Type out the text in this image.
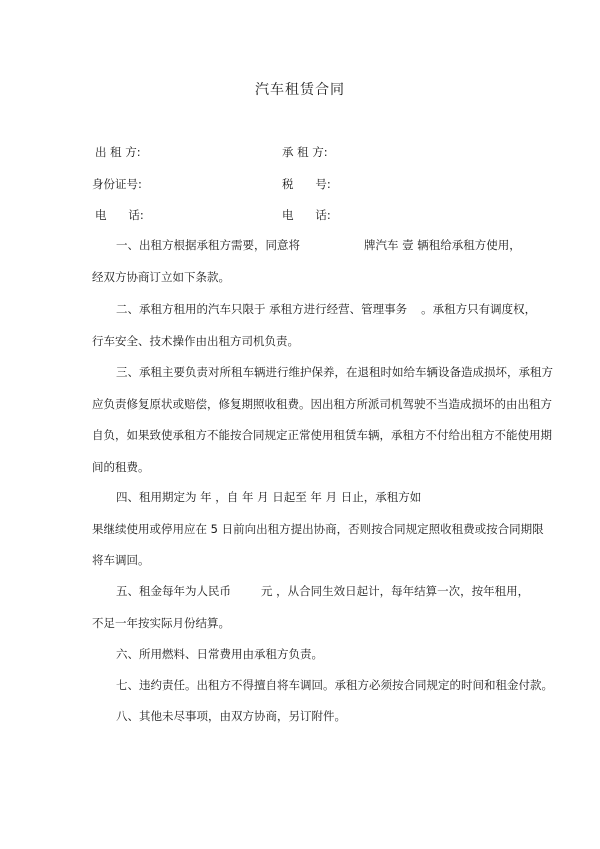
汽车租赁合同
出 租 方:	承 租 方:
身份证号:	税      号:
电      话:	电      话:

一、出租方根据承租方需要，同意将	牌汽车 壹 辆租给承租方使用，

经双方协商订立如下条款。

二、承租方租用的汽车只限于 承租方进行经营、管理事务 。承租方只有调度权，

行车安全、技术操作由出租方司机负责。

三、承租主要负责对所租车辆进行维护保养，在退租时如给车辆设备造成损坏，承租方

应负责修复原状或赔偿，修复期照收租费。因出租方所派司机驾驶不当造成损坏的由出租方

自负，如果致使承租方不能按合同规定正常使用租赁车辆，承租方不付给出租方不能使用期

间的租费。

四、租用期定为 年 ，自 年 月 日起至 年 月 日止，承租方如

果继续使用或停用应在 5 日前向出租方提出协商，否则按合同规定照收租费或按合同期限

将车调回。

五、租金每年为人民币	元 ，从合同生效日起计，每年结算一次，按年租用，

不足一年按实际月份结算。

六、所用燃料、日常费用由承租方负责。

七、违约责任。出租方不得擅自将车调回。承租方必须按合同规定的时间和租金付款。

八、其他未尽事项，由双方协商，另订附件。
